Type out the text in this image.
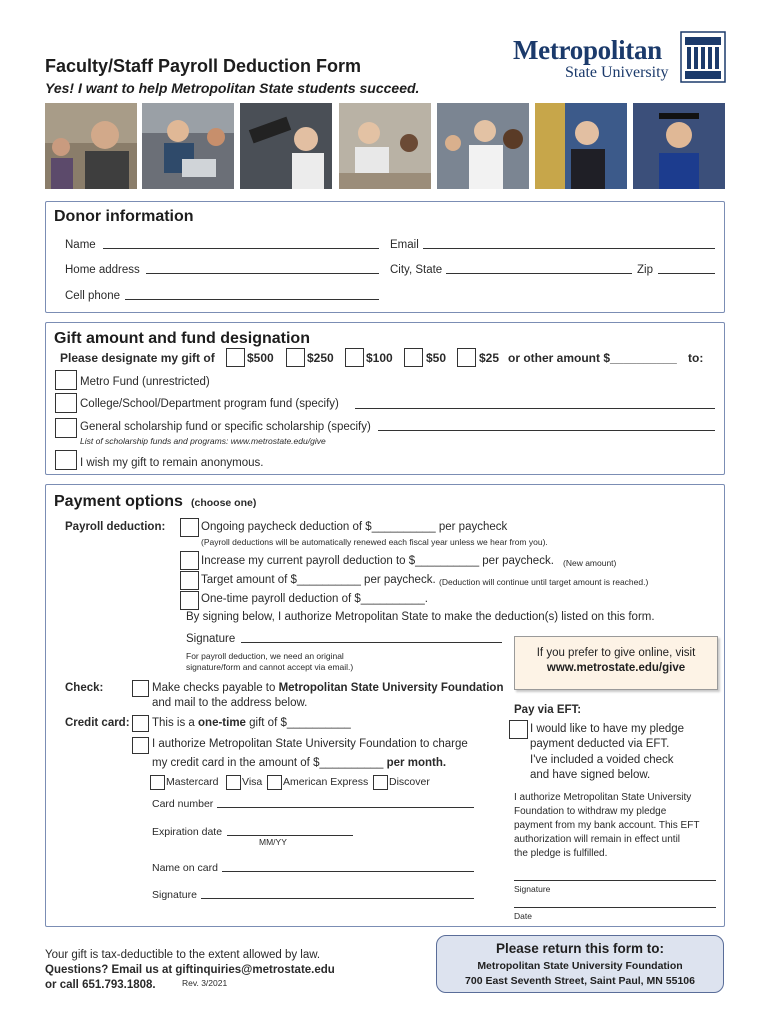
Faculty/Staff Payroll Deduction Form
Yes! I want to help Metropolitan State students succeed.
Metropolitan
State University
Donor information
Name	Email
Home address	City, State	Zip
Cell phone
Gift amount and fund designation
Please designate my gift of	$500	$250	$100	$50	$25 or other amount $__________ to:
Metro Fund (unrestricted)
College/School/Department program fund (specify)
General scholarship fund or specific scholarship (specify)
List of scholarship funds and programs: www.metrostate.edu/give
I wish my gift to remain anonymous.
Payment options (choose one)
Payroll deduction:	Ongoing paycheck deduction of $__________ per paycheck
(Payroll deductions will be automatically renewed each fiscal year unless we hear from you).
Increase my current payroll deduction to $__________ per paycheck. (New amount)
Target amount of $__________ per paycheck. (Deduction will continue until target amount is reached.)
One-time payroll deduction of $__________.
By signing below, I authorize Metropolitan State to make the deduction(s) listed on this form.
Signature
For payroll deduction, we need an original
signature/form and cannot accept via email.)
If you prefer to give online, visit
www.metrostate.edu/give
Check:	Make checks payable to Metropolitan State University Foundation
and mail to the address below.
Credit card: This is a one-time gift of $__________
I authorize Metropolitan State University Foundation to charge
my credit card in the amount of $__________ per month.
Mastercard Visa American Express Discover
Card number
Expiration date
MM/YY
Name on card
Signature
Pay via EFT:
I would like to have my pledge
payment deducted via EFT.
I've included a voided check
and have signed below.
I authorize Metropolitan State University
Foundation to withdraw my pledge
payment from my bank account. This EFT
authorization will remain in effect until
the pledge is fulfilled.
Signature
Date
Your gift is tax-deductible to the extent allowed by law.
Questions? Email us at giftinquiries@metrostate.edu
or call 651.793.1808.	Rev. 3/2021
Please return this form to:
Metropolitan State University Foundation
700 East Seventh Street, Saint Paul, MN 55106
